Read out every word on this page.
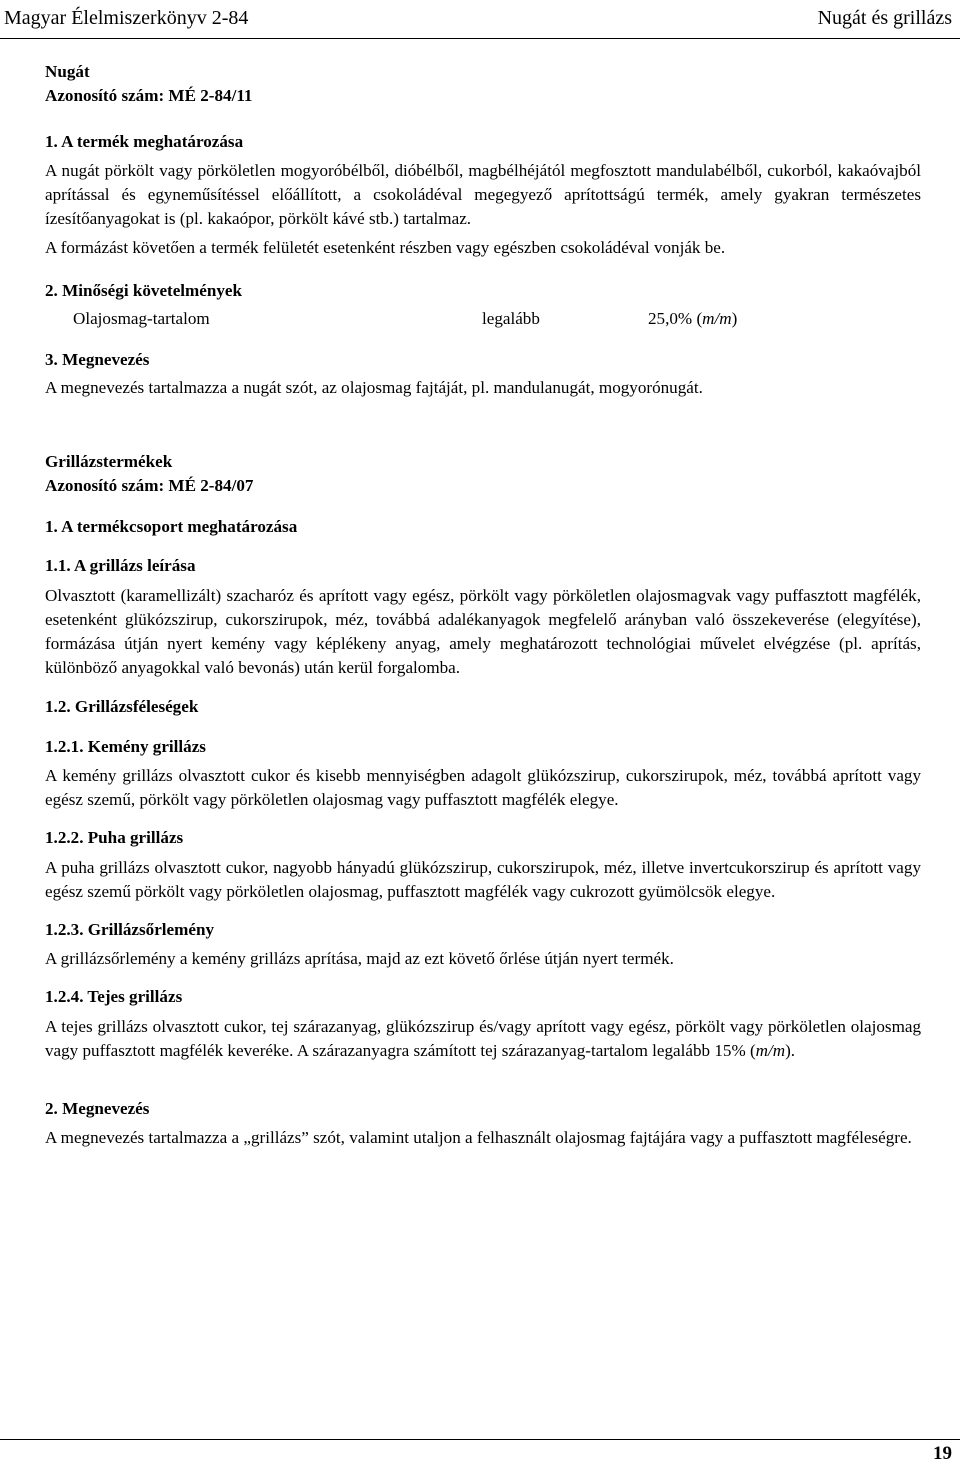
Magyar Élelmiszerkönyv 2-84	Nugát és grillázs

Nugát

Azonosító szám: MÉ 2-84/11

1. A termék meghatározása

A nugát pörkölt vagy pörköletlen mogyoróbélből, dióbélből, magbélhéjától megfosztott mandulabélből, cukorból, kakaóvajból aprítással és egyneműsítéssel előállított, a csokoládéval megegyező aprítottságú termék, amely gyakran természetes ízesítőanyagokat is (pl. kakaópor, pörkölt kávé stb.) tartalmaz.

A formázást követően a termék felületét esetenként részben vagy egészben csokoládéval vonják be.

2. Minőségi követelmények

Olajosmag-tartalom	legalább	25,0% (m/m)

3. Megnevezés

A megnevezés tartalmazza a nugát szót, az olajosmag fajtáját, pl. mandulanugát, mogyorónugát.

Grillázstermékek

Azonosító szám: MÉ 2-84/07

1. A termékcsoport meghatározása

1.1. A grillázs leírása

Olvasztott (karamellizált) szacharóz és aprított vagy egész, pörkölt vagy pörköletlen olajosmagvak vagy puffasztott magfélék, esetenként glükózszirup, cukorszirupok, méz, továbbá adalékanyagok megfelelő arányban való összekeverése (elegyítése), formázása útján nyert kemény vagy képlékeny anyag, amely meghatározott technológiai művelet elvégzése (pl. aprítás, különböző anyagokkal való bevonás) után kerül forgalomba.

1.2. Grillázsféleségek

1.2.1. Kemény grillázs

A kemény grillázs olvasztott cukor és kisebb mennyiségben adagolt glükózszirup, cukorszirupok, méz, továbbá aprított vagy egész szemű, pörkölt vagy pörköletlen olajosmag vagy puffasztott magfélék elegye.

1.2.2. Puha grillázs

A puha grillázs olvasztott cukor, nagyobb hányadú glükózszirup, cukorszirupok, méz, illetve invertcukorszirup és aprított vagy egész szemű pörkölt vagy pörköletlen olajosmag, puffasztott magfélék vagy cukrozott gyümölcsök elegye.

1.2.3. Grillázsőrlemény

A grillázsőrlemény a kemény grillázs aprítása, majd az ezt követő őrlése útján nyert termék.

1.2.4. Tejes grillázs

A tejes grillázs olvasztott cukor, tej szárazanyag, glükózszirup és/vagy aprított vagy egész, pörkölt vagy pörköletlen olajosmag vagy puffasztott magfélék keveréke. A szárazanyagra számított tej szárazanyag-tartalom legalább 15% (m/m).

2. Megnevezés

A megnevezés tartalmazza a „grillázs” szót, valamint utaljon a felhasznált olajosmag fajtájára vagy a puffasztott magféleségre.

19
